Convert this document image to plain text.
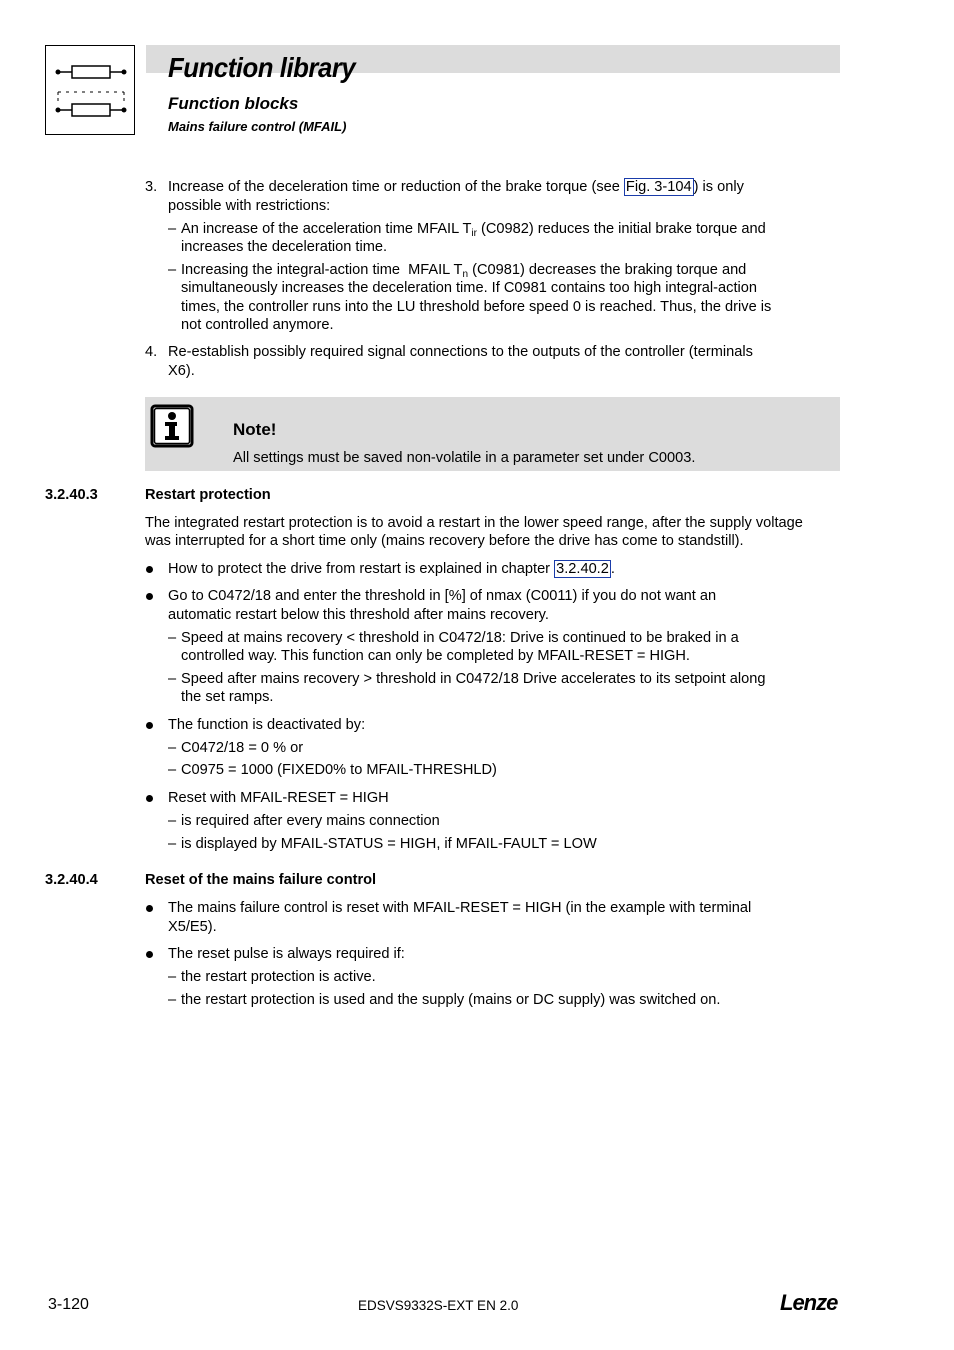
Function library
Function blocks
Mains failure control (MFAIL)
3. Increase of the deceleration time or reduction of the brake torque (see Fig. 3-104 ) is only
possible with restrictions:
– An increase of the acceleration time MFAIL $T_{ir}$ (C0982) reduces the initial brake torque and
increases the deceleration time.
– Increasing the integral-action time  MFAIL $T_n$ (C0981) decreases the braking torque and
simultaneously increases the deceleration time. If C0981 contains too high integral-action
times, the controller runs into the LU threshold before speed 0 is reached. Thus, the drive is
not controlled anymore.
4. Re-establish possibly required signal connections to the outputs of the controller (terminals
X6).
Note!
All settings must be saved non-volatile in a parameter set under C0003.
3.2.40.3	Restart protection
The integrated restart protection is to avoid a restart in the lower speed range, after the supply voltage
was interrupted for a short time only (mains recovery before the drive has come to standstill).
How to protect the drive from restart is explained in chapter 3.2.40.2 .
Go to C0472/18 and enter the threshold in [%] of nmax (C0011) if you do not want an
automatic restart below this threshold after mains recovery.
– Speed at mains recovery < threshold in C0472/18: Drive is continued to be braked in a
controlled way. This function can only be completed by MFAIL-RESET = HIGH.
– Speed after mains recovery > threshold in C0472/18 Drive accelerates to its setpoint along
the set ramps.
The function is deactivated by:
– C0472/18 = 0 % or
– C0975 = 1000 (FIXED0% to MFAIL-THRESHLD)
Reset with MFAIL-RESET = HIGH
– is required after every mains connection
– is displayed by MFAIL-STATUS = HIGH, if MFAIL-FAULT = LOW
3.2.40.4	Reset of the mains failure control
The mains failure control is reset with MFAIL-RESET = HIGH (in the example with terminal
X5/E5).
The reset pulse is always required if:
– the restart protection is active.
– the restart protection is used and the supply (mains or DC supply) was switched on.
3-120	EDSVS9332S-EXT EN 2.0	Lenze
